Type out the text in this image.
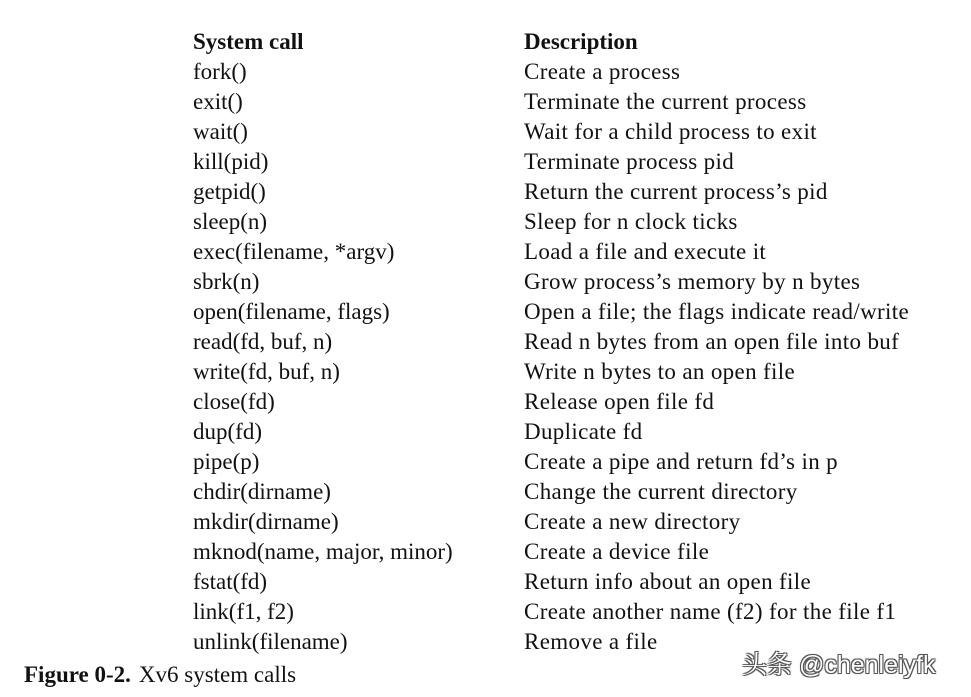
System call	Description
fork()	Create a process
exit()	Terminate the current process
wait()	Wait for a child process to exit
kill(pid)	Terminate process pid
getpid()	Return the current process’s pid
sleep(n)	Sleep for n clock ticks
exec(filename, *argv)	Load a file and execute it
sbrk(n)	Grow process’s memory by n bytes
open(filename, flags)	Open a file; the flags indicate read/write
read(fd, buf, n)	Read n bytes from an open file into buf
write(fd, buf, n)	Write n bytes to an open file
close(fd)	Release open file fd
dup(fd)	Duplicate fd
pipe(p)	Create a pipe and return fd’s in p
chdir(dirname)	Change the current directory
mkdir(dirname)	Create a new directory
mknod(name, major, minor)	Create a device file
fstat(fd)	Return info about an open file
link(f1, f2)	Create another name (f2) for the file f1
unlink(filename)	Remove a file
Figure 0-2. Xv6 system calls	头条 @chenleiyfk
